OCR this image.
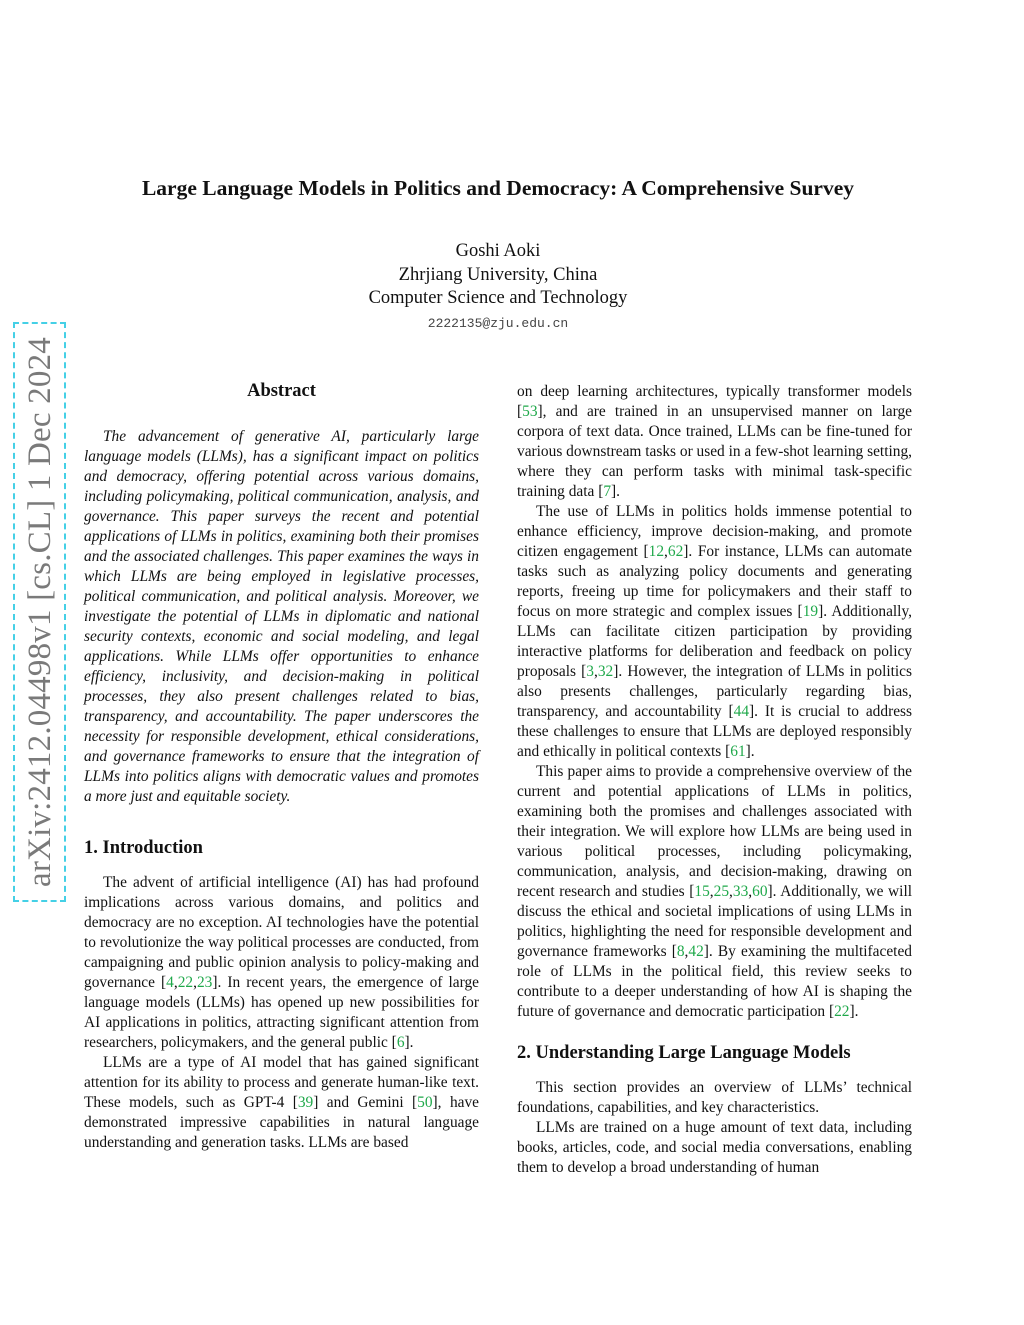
Large Language Models in Politics and Democracy: A Comprehensive Survey
Goshi Aoki
Zhrjiang University, China
Computer Science and Technology
2222135@zju.edu.cn
arXiv:2412.04498v1 [cs.CL] 1 Dec 2024	Abstract

The advancement of generative AI, particularly large language models (LLMs), has a significant impact on politics and democracy, offering potential across various domains, including policymaking, political communication, analysis, and governance. This paper surveys the recent and potential applications of LLMs in politics, examining both their promises and the associated challenges. This paper examines the ways in which LLMs are being employed in legislative processes, political communication, and political analysis. Moreover, we investigate the potential of LLMs in diplomatic and national security contexts, economic and social modeling, and legal applications. While LLMs offer opportunities to enhance efficiency, inclusivity, and decision-making in political processes, they also present challenges related to bias, transparency, and accountability. The paper underscores the necessity for responsible development, ethical considerations, and governance frameworks to ensure that the integration of LLMs into politics aligns with democratic values and promotes a more just and equitable society.

1. Introduction

The advent of artificial intelligence (AI) has had profound implications across various domains, and politics and democracy are no exception. AI technologies have the potential to revolutionize the way political processes are conducted, from campaigning and public opinion analysis to policy-making and governance [4,22,23]. In recent years, the emergence of large language models (LLMs) has opened up new possibilities for AI applications in politics, attracting significant attention from researchers, policymakers, and the general public [6].

LLMs are a type of AI model that has gained significant attention for its ability to process and generate human-like text. These models, such as GPT-4 [39] and Gemini [50], have demonstrated impressive capabilities in natural language understanding and generation tasks. LLMs are based

on deep learning architectures, typically transformer models [53], and are trained in an unsupervised manner on large corpora of text data. Once trained, LLMs can be fine-tuned for various downstream tasks or used in a few-shot learning setting, where they can perform tasks with minimal task-specific training data [7].

The use of LLMs in politics holds immense potential to enhance efficiency, improve decision-making, and promote citizen engagement [12,62]. For instance, LLMs can automate tasks such as analyzing policy documents and generating reports, freeing up time for policymakers and their staff to focus on more strategic and complex issues [19]. Additionally, LLMs can facilitate citizen participation by providing interactive platforms for deliberation and feedback on policy proposals [3,32]. However, the integration of LLMs in politics also presents challenges, particularly regarding bias, transparency, and accountability [44]. It is crucial to address these challenges to ensure that LLMs are deployed responsibly and ethically in political contexts [61].

This paper aims to provide a comprehensive overview of the current and potential applications of LLMs in politics, examining both the promises and challenges associated with their integration. We will explore how LLMs are being used in various political processes, including policymaking, communication, analysis, and decision-making, drawing on recent research and studies [15,25,33,60]. Additionally, we will discuss the ethical and societal implications of using LLMs in politics, highlighting the need for responsible development and governance frameworks [8,42]. By examining the multifaceted role of LLMs in the political field, this review seeks to contribute to a deeper understanding of how AI is shaping the future of governance and democratic participation [22].

2. Understanding Large Language Models

This section provides an overview of LLMs’ technical foundations, capabilities, and key characteristics.

LLMs are trained on a huge amount of text data, including books, articles, code, and social media conversations, enabling them to develop a broad understanding of human
